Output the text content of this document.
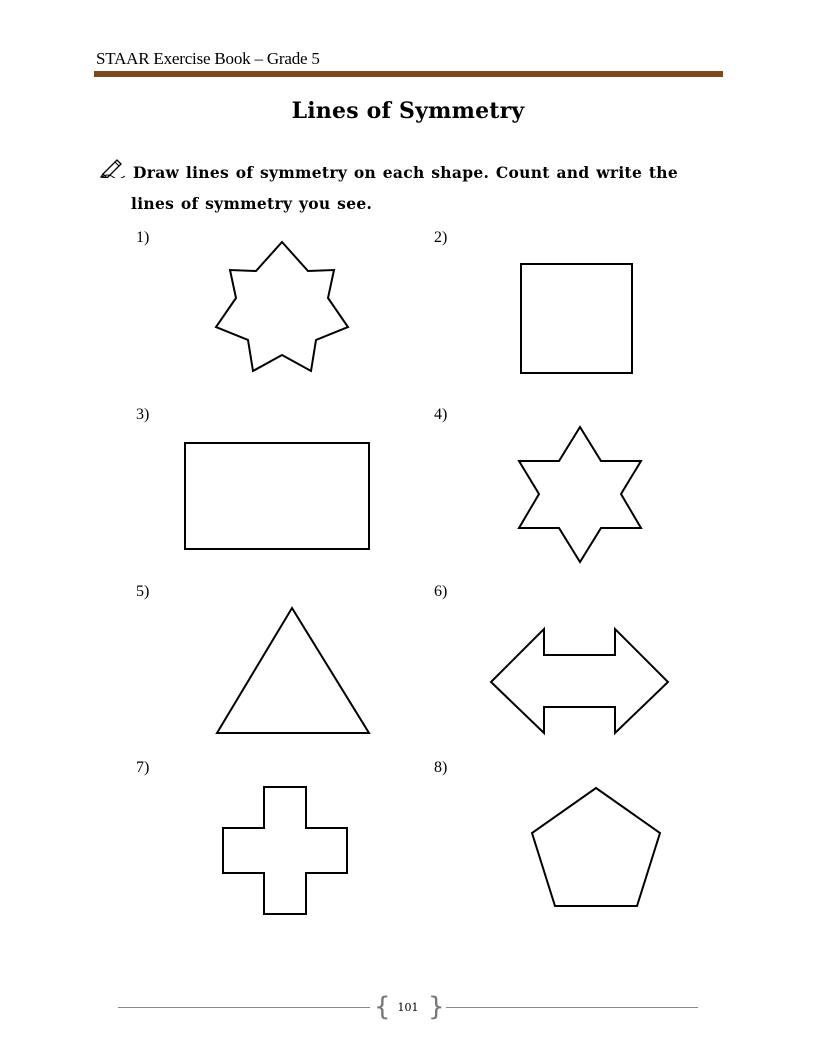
STAAR Exercise Book – Grade 5
Lines of Symmetry
Draw lines of symmetry on each shape. Count and write the
lines of symmetry you see.
1)	2)
3)	4)
5)	6)
7)	8)
{ }
101
